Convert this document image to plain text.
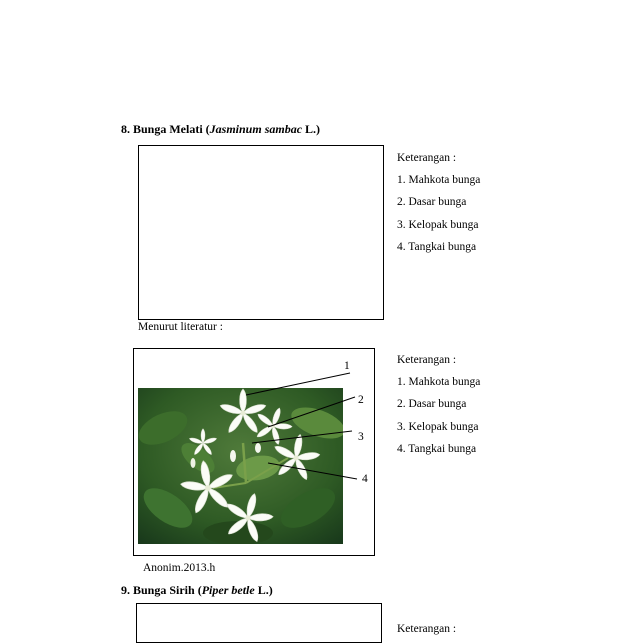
8. Bunga Melati (Jasminum sambac L.)
Keterangan :
1. Mahkota bunga
2. Dasar bunga
3. Kelopak bunga
4. Tangkai bunga
Menurut literatur :
1
2
3
4
Keterangan :
1. Mahkota bunga
2. Dasar bunga
3. Kelopak bunga
4. Tangkai bunga
Anonim.2013.h
9. Bunga Sirih (Piper betle L.)
Keterangan :
